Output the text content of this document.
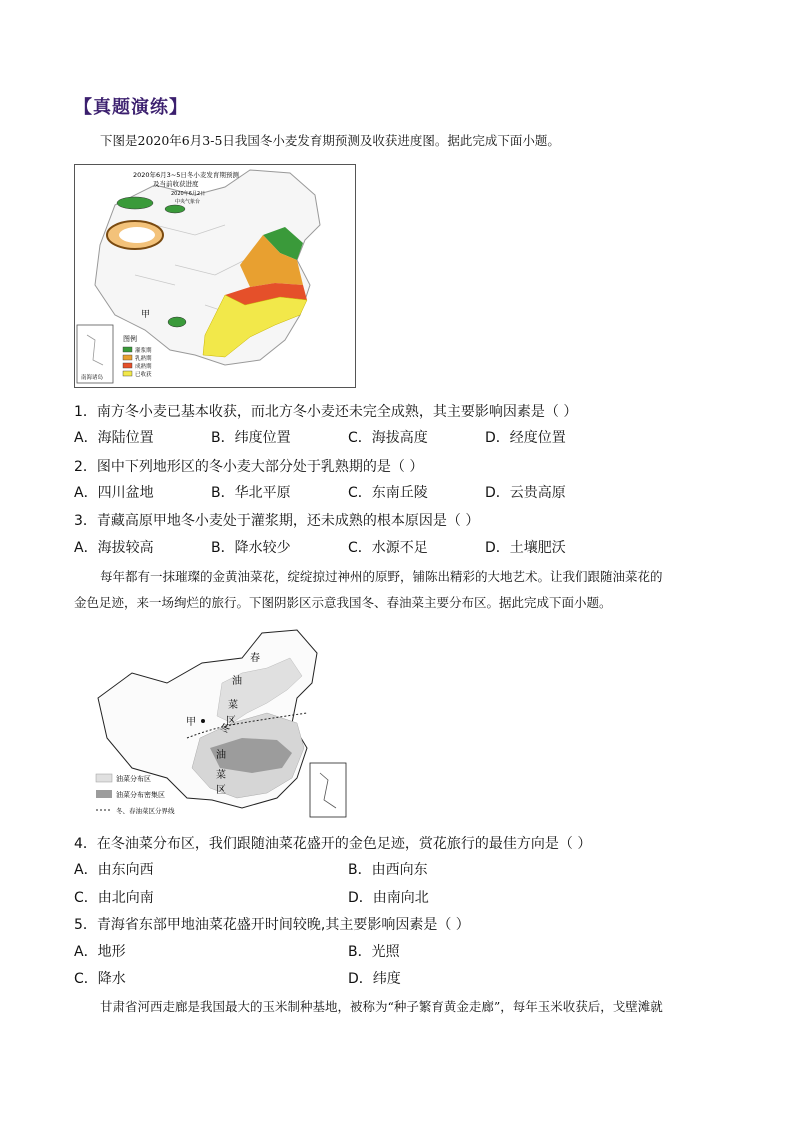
【真题演练】
下图是2020年6月3-5日我国冬小麦发育期预测及收获进度图。据此完成下面小题。
甲
2020年6月3~5日冬小麦发育期预测
及当前收获进度
2020年6月2日
中央气象台
南海诸岛
图例
灌浆期
乳熟期
成熟期
已收获
1．南方冬小麦已基本收获，而北方冬小麦还未完全成熟，其主要影响因素是（ ）
A．海陆位置	B．纬度位置	C．海拔高度	D．经度位置
2．图中下列地形区的冬小麦大部分处于乳熟期的是（ ）
A．四川盆地	B．华北平原	C．东南丘陵	D．云贵高原
3．青藏高原甲地冬小麦处于灌浆期，还未成熟的根本原因是（ ）
A．海拔较高	B．降水较少	C．水源不足	D．土壤肥沃
每年都有一抹璀璨的金黄油菜花，绽绽掠过神州的原野，铺陈出精彩的大地艺术。让我们跟随油菜花的
金色足迹，来一场绚烂的旅行。下图阴影区示意我国冬、春油菜主要分布区。据此完成下面小题。
春
油
菜
甲	区
冬
油
菜
区
油菜分布区
油菜分布密集区
冬、春油菜区分界线
4．在冬油菜分布区，我们跟随油菜花盛开的金色足迹，赏花旅行的最佳方向是（ ）
A．由东向西	B．由西向东
C．由北向南	D．由南向北
5．青海省东部甲地油菜花盛开时间较晚,其主要影响因素是（ ）
A．地形	B．光照
C．降水	D．纬度
甘肃省河西走廊是我国最大的玉米制种基地，被称为“种子繁育黄金走廊”，每年玉米收获后，戈壁滩就
